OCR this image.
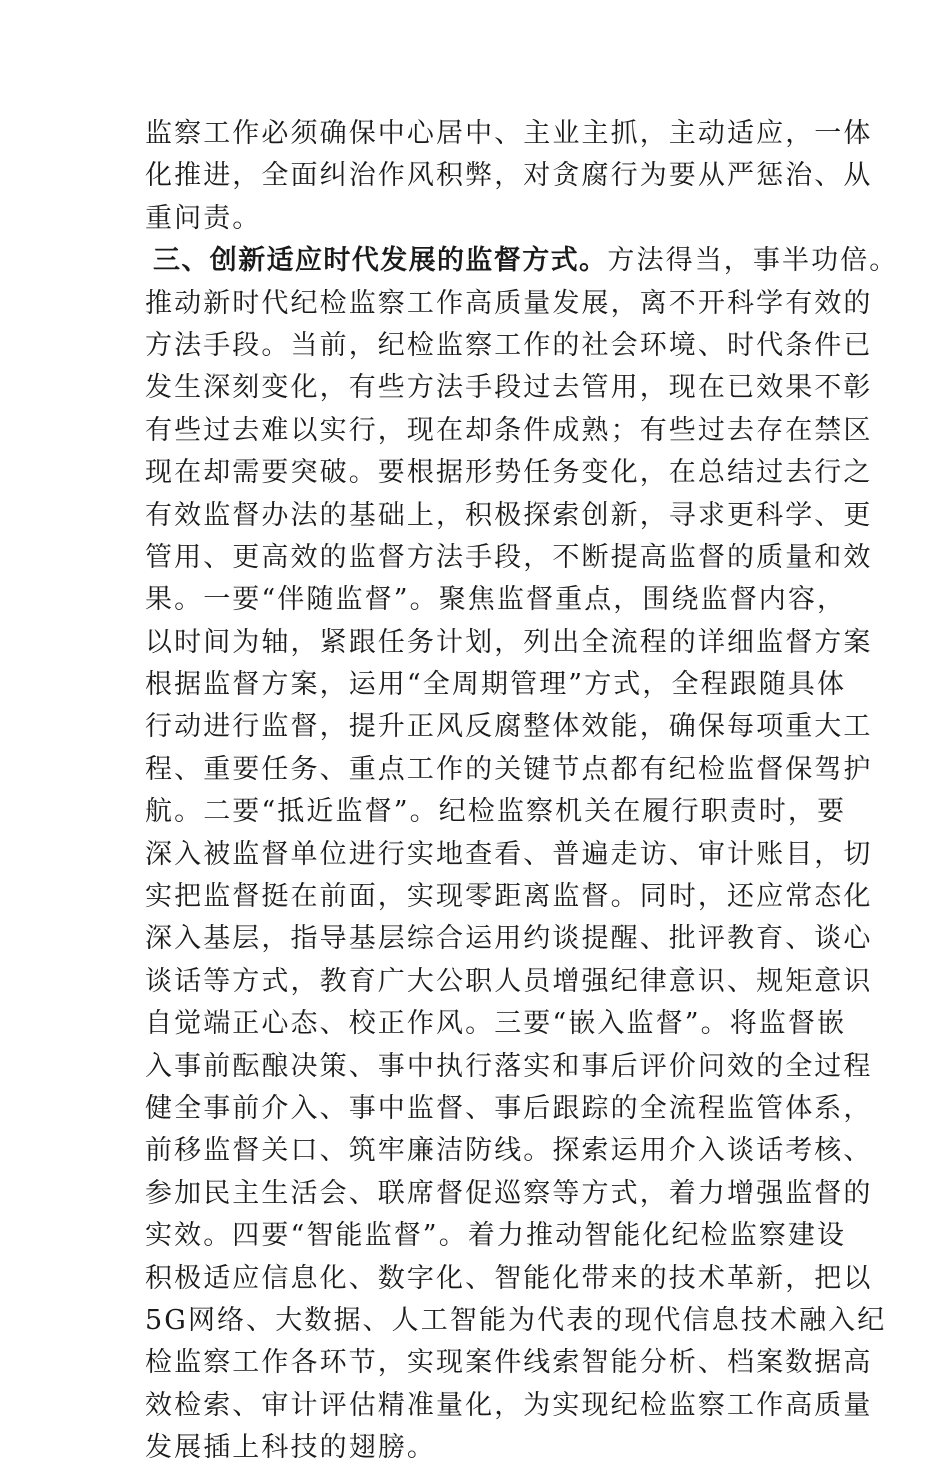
监察工作必须确保中心居中、主业主抓，主动适应，一体
化推进，全面纠治作风积弊，对贪腐行为要从严惩治、从
重问责。
三、创新适应时代发展的监督方式。方法得当，事半功倍。
推动新时代纪检监察工作高质量发展，离不开科学有效的
方法手段。当前，纪检监察工作的社会环境、时代条件已
发生深刻变化，有些方法手段过去管用，现在已效果不彰
有些过去难以实行，现在却条件成熟；有些过去存在禁区
现在却需要突破。要根据形势任务变化，在总结过去行之
有效监督办法的基础上，积极探索创新，寻求更科学、更
管用、更高效的监督方法手段，不断提高监督的质量和效
果。一要“伴随监督”。聚焦监督重点，围绕监督内容，
以时间为轴，紧跟任务计划，列出全流程的详细监督方案
根据监督方案，运用“全周期管理”方式，全程跟随具体
行动进行监督，提升正风反腐整体效能，确保每项重大工
程、重要任务、重点工作的关键节点都有纪检监督保驾护
航。二要“抵近监督”。纪检监察机关在履行职责时，要
深入被监督单位进行实地查看、普遍走访、审计账目，切
实把监督挺在前面，实现零距离监督。同时，还应常态化
深入基层，指导基层综合运用约谈提醒、批评教育、谈心
谈话等方式，教育广大公职人员增强纪律意识、规矩意识
自觉端正心态、校正作风。三要“嵌入监督”。将监督嵌
入事前酝酿决策、事中执行落实和事后评价问效的全过程
健全事前介入、事中监督、事后跟踪的全流程监管体系，
前移监督关口、筑牢廉洁防线。探索运用介入谈话考核、
参加民主生活会、联席督促巡察等方式，着力增强监督的
实效。四要“智能监督”。着力推动智能化纪检监察建设
积极适应信息化、数字化、智能化带来的技术革新，把以
5G网络、大数据、人工智能为代表的现代信息技术融入纪
检监察工作各环节，实现案件线索智能分析、档案数据高
效检索、审计评估精准量化，为实现纪检监察工作高质量
发展插上科技的翅膀。
